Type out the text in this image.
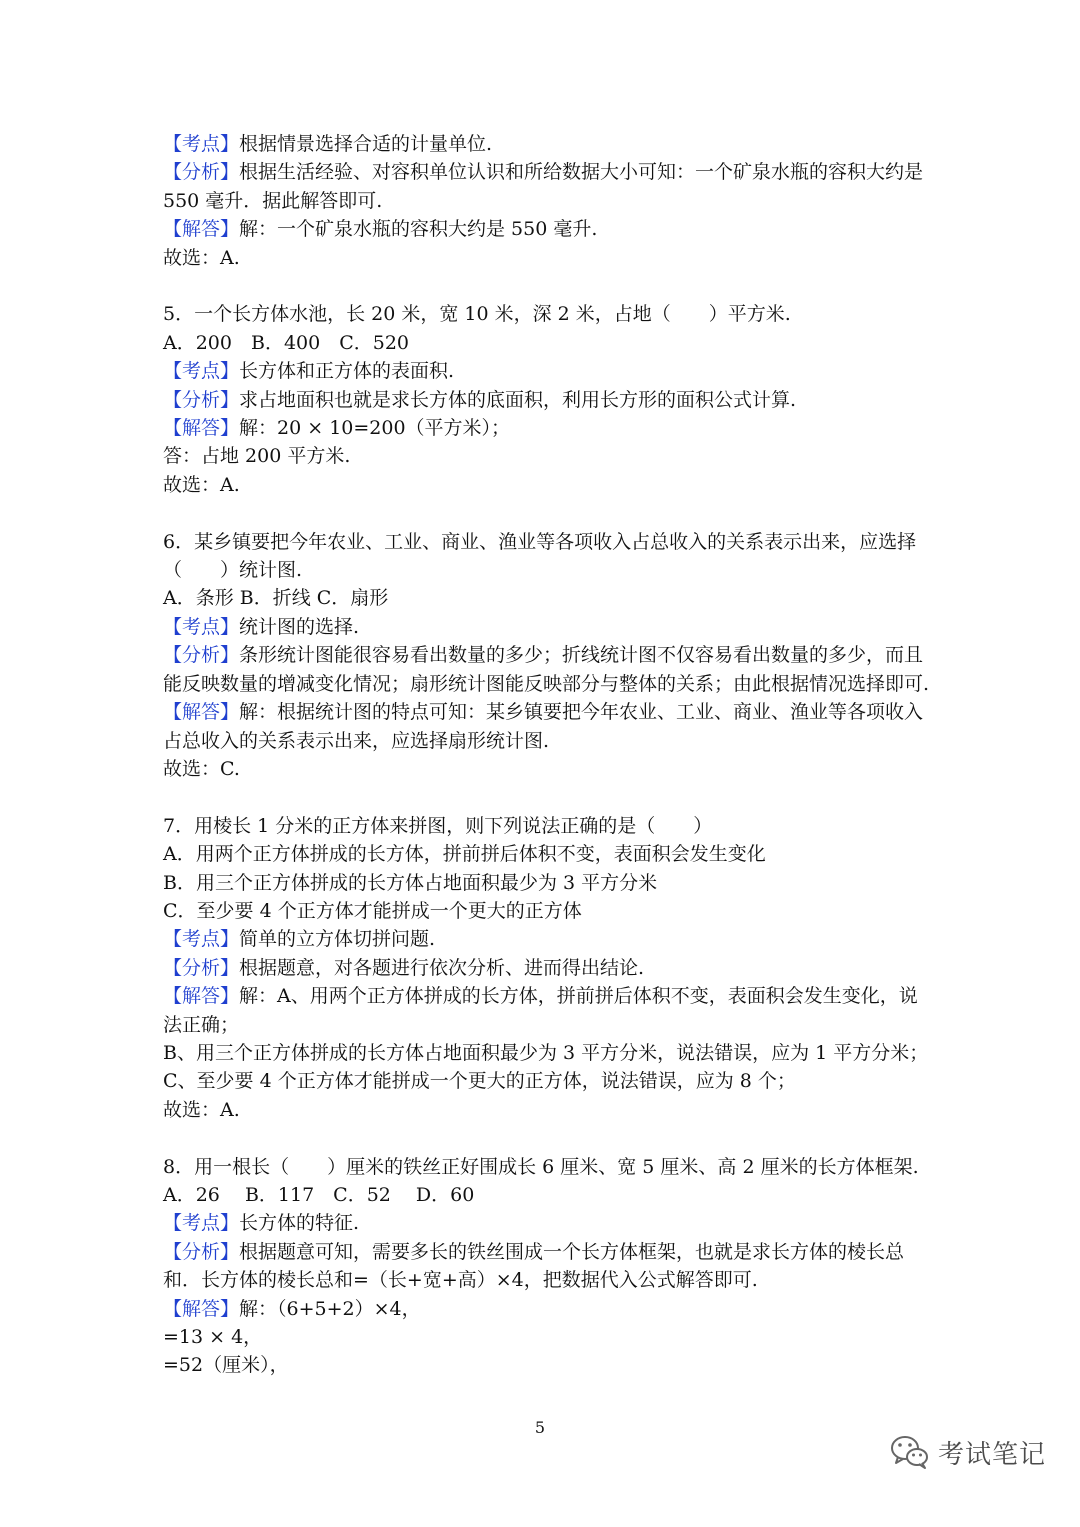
【考点】根据情景选择合适的计量单位.
【分析】根据生活经验、对容积单位认识和所给数据大小可知：一个矿泉水瓶的容积大约是
550 毫升．据此解答即可.
【解答】解：一个矿泉水瓶的容积大约是 550 毫升.
故选：A.
5．一个长方体水池，长 20 米，宽 10 米，深 2 米，占地（　　）平方米.
A．200　B．400　C．520
【考点】长方体和正方体的表面积.
【分析】求占地面积也就是求长方体的底面积，利用长方形的面积公式计算.
【解答】解：20 × 10=200（平方米）；
答：占地 200 平方米.
故选：A.
6．某乡镇要把今年农业、工业、商业、渔业等各项收入占总收入的关系表示出来，应选择
（　　）统计图.
A．条形 B．折线 C．扇形
【考点】统计图的选择.
【分析】条形统计图能很容易看出数量的多少；折线统计图不仅容易看出数量的多少，而且
能反映数量的增减变化情况；扇形统计图能反映部分与整体的关系；由此根据情况选择即可.
【解答】解：根据统计图的特点可知：某乡镇要把今年农业、工业、商业、渔业等各项收入
占总收入的关系表示出来，应选择扇形统计图.
故选：C.
7．用棱长 1 分米的正方体来拼图，则下列说法正确的是（　　）
A．用两个正方体拼成的长方体，拼前拼后体积不变，表面积会发生变化
B．用三个正方体拼成的长方体占地面积最少为 3 平方分米
C．至少要 4 个正方体才能拼成一个更大的正方体
【考点】简单的立方体切拼问题.
【分析】根据题意，对各题进行依次分析、进而得出结论.
【解答】解：A、用两个正方体拼成的长方体，拼前拼后体积不变，表面积会发生变化，说
法正确；
B、用三个正方体拼成的长方体占地面积最少为 3 平方分米，说法错误，应为 1 平方分米；
C、至少要 4 个正方体才能拼成一个更大的正方体，说法错误，应为 8 个；
故选：A.
8．用一根长（　　）厘米的铁丝正好围成长 6 厘米、宽 5 厘米、高 2 厘米的长方体框架.
A．26　 B．117　C．52　 D．60
【考点】长方体的特征.
【分析】根据题意可知，需要多长的铁丝围成一个长方体框架，也就是求长方体的棱长总
和．长方体的棱长总和=（长+宽+高）×4，把数据代入公式解答即可.
【解答】解：（6+5+2）×4，
=13 × 4，
=52（厘米），
5
考试笔记
